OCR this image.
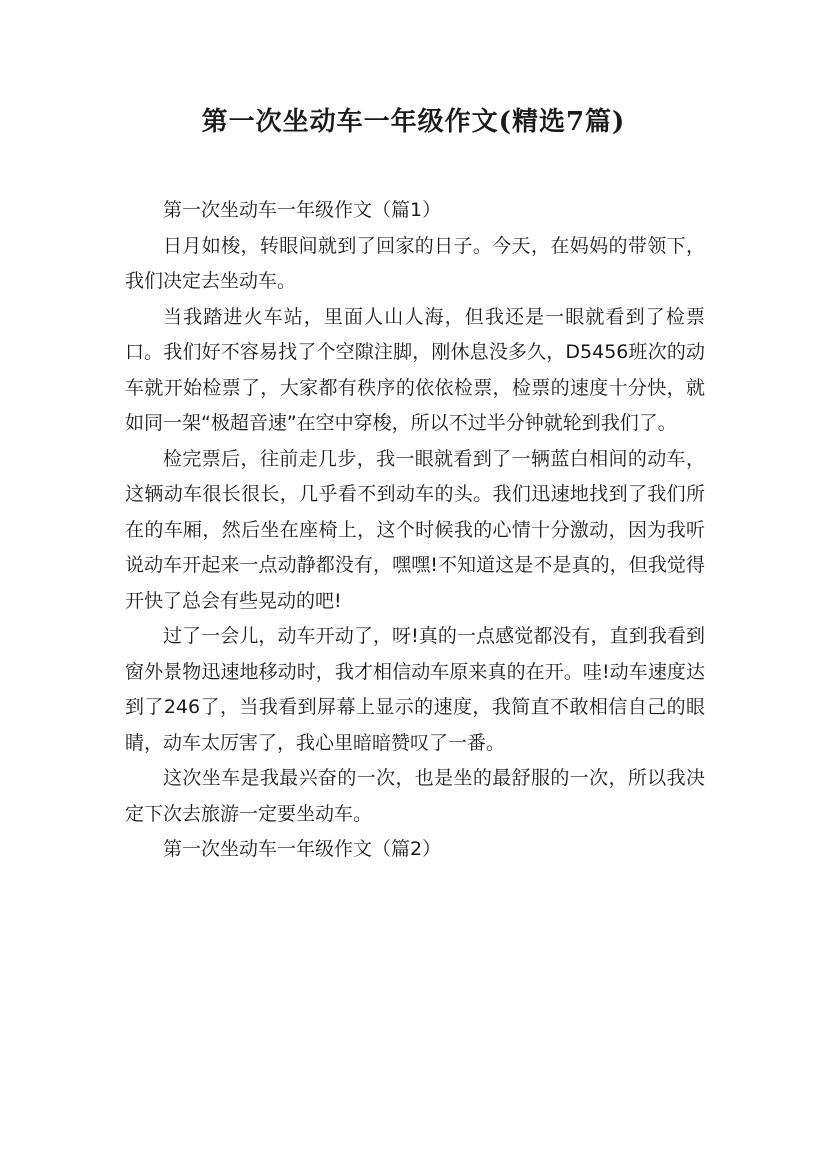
第一次坐动车一年级作文(精选7篇)

第一次坐动车一年级作文（篇1）

日月如梭，转眼间就到了回家的日子。今天，在妈妈的带领下，我们决定去坐动车。

当我踏进火车站，里面人山人海，但我还是一眼就看到了检票口。我们好不容易找了个空隙注脚，刚休息没多久，D5456班次的动车就开始检票了，大家都有秩序的依依检票，检票的速度十分快，就如同一架“极超音速”在空中穿梭，所以不过半分钟就轮到我们了。

检完票后，往前走几步，我一眼就看到了一辆蓝白相间的动车，这辆动车很长很长，几乎看不到动车的头。我们迅速地找到了我们所在的车厢，然后坐在座椅上，这个时候我的心情十分激动，因为我听说动车开起来一点动静都没有，嘿嘿!不知道这是不是真的，但我觉得开快了总会有些晃动的吧!

过了一会儿，动车开动了，呀!真的一点感觉都没有，直到我看到窗外景物迅速地移动时，我才相信动车原来真的在开。哇!动车速度达到了246了，当我看到屏幕上显示的速度，我简直不敢相信自己的眼睛，动车太厉害了，我心里暗暗赞叹了一番。

这次坐车是我最兴奋的一次，也是坐的最舒服的一次，所以我决定下次去旅游一定要坐动车。

第一次坐动车一年级作文（篇2）
